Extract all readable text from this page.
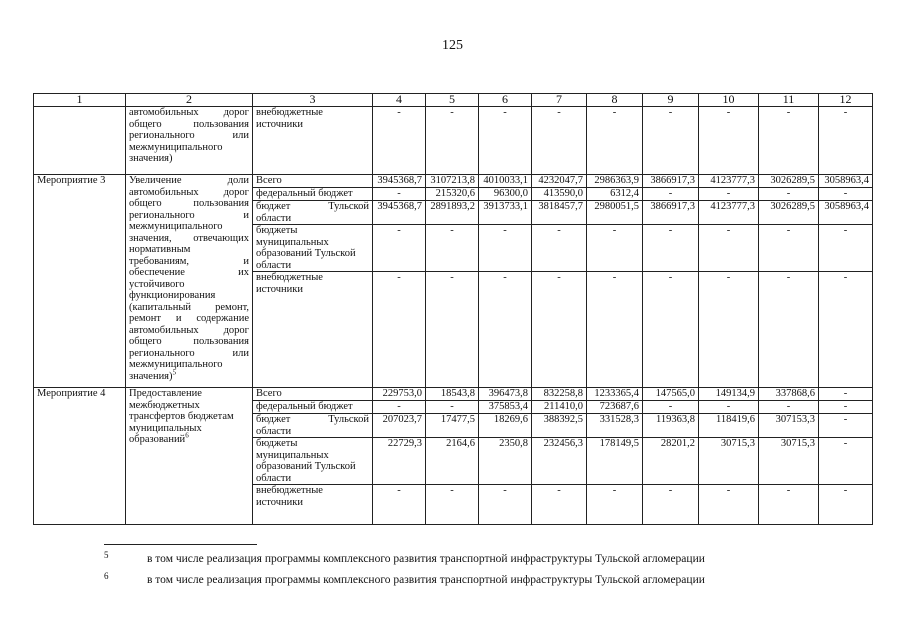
125
1	2	3	4	5	6	7	8	9	10	11	12
	автомобильных дорог общего пользования регионального или межмуниципального значения)	внебюджетные источники	-	-	-	-	-	-	-	-	-
Мероприятие 3	Увеличение доли автомобильных дорог общего пользования регионального и межмуниципального значения, отвечающих нормативным требованиям, и обеспечение их устойчивого функционирования (капитальный ремонт, ремонт и содержание автомобильных дорог общего пользования регионального или межмуниципального значения)$^5$	Всего	3945368,7	3107213,8	4010033,1	4232047,7	2986363,9	3866917,3	4123777,3	3026289,5	3058963,4
		федеральный бюджет	-	215320,6	96300,0	413590,0	6312,4	-	-	-	-
		бюджет Тульской области	3945368,7	2891893,2	3913733,1	3818457,7	2980051,5	3866917,3	4123777,3	3026289,5	3058963,4
		бюджеты муниципальных образований Тульской области	-	-	-	-	-	-	-	-	-
		внебюджетные источники	-	-	-	-	-	-	-	-	-
Мероприятие 4	Предоставление межбюджетных трансфертов бюджетам муниципальных образований$^6$	Всего	229753,0	18543,8	396473,8	832258,8	1233365,4	147565,0	149134,9	337868,6	-
		федеральный бюджет	-	-	375853,4	211410,0	723687,6	-	-	-	-
		бюджет Тульской области	207023,7	17477,5	18269,6	388392,5	331528,3	119363,8	118419,6	307153,3	-
		бюджеты муниципальных образований Тульской области	22729,3	2164,6	2350,8	232456,3	178149,5	28201,2	30715,3	30715,3	-
		внебюджетные источники	-	-	-	-	-	-	-	-	-
5	в том числе реализация программы комплексного развития транспортной инфраструктуры Тульской агломерации
6	в том числе реализация программы комплексного развития транспортной инфраструктуры Тульской агломерации
